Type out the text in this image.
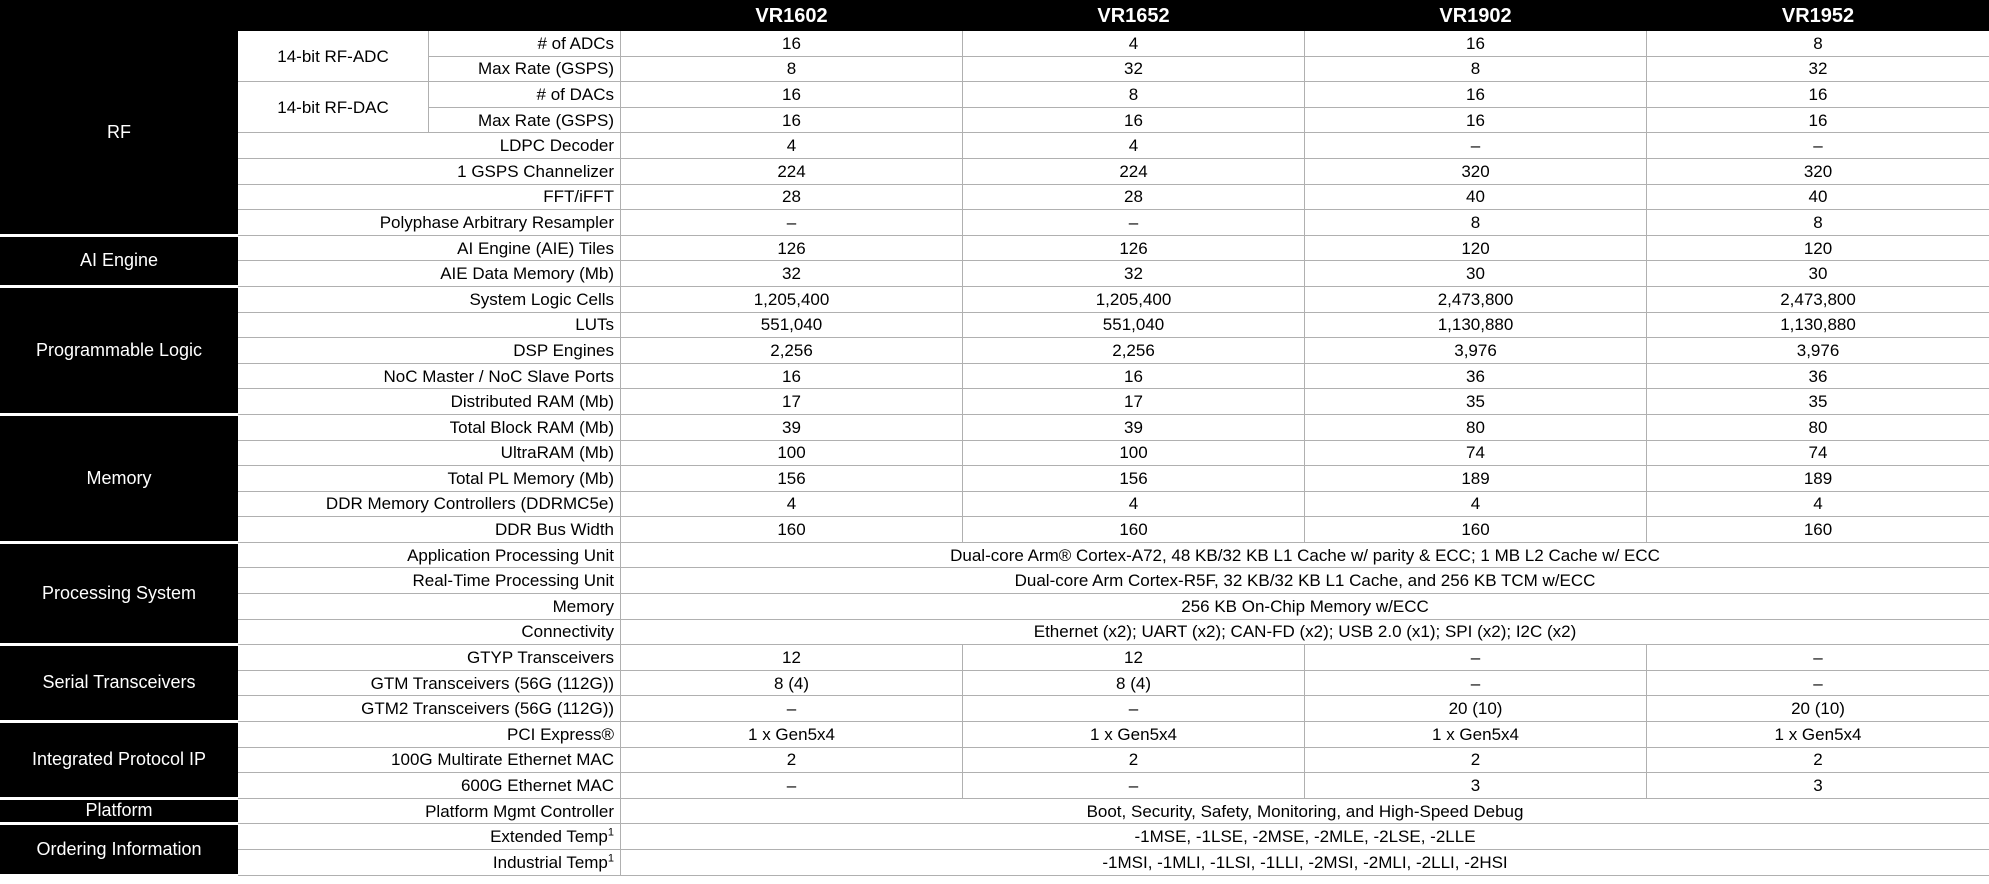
			VR1602	VR1652	VR1902	VR1952
RF	14-bit RF-ADC	# of ADCs	16	4	16	8
		Max Rate (GSPS)	8	32	8	32
	14-bit RF-DAC	# of DACs	16	8	16	16
		Max Rate (GSPS)	16	16	16	16
	LDPC Decoder		4	4	–	–
	1 GSPS Channelizer		224	224	320	320
	FFT/iFFT		28	28	40	40
	Polyphase Arbitrary Resampler		–	–	8	8
AI Engine	AI Engine (AIE) Tiles		126	126	120	120
	AIE Data Memory (Mb)		32	32	30	30
Programmable Logic	System Logic Cells		1,205,400	1,205,400	2,473,800	2,473,800
	LUTs		551,040	551,040	1,130,880	1,130,880
	DSP Engines		2,256	2,256	3,976	3,976
	NoC Master / NoC Slave Ports		16	16	36	36
	Distributed RAM (Mb)		17	17	35	35
Memory	Total Block RAM (Mb)		39	39	80	80
	UltraRAM (Mb)		100	100	74	74
	Total PL Memory (Mb)		156	156	189	189
	DDR Memory Controllers (DDRMC5e)		4	4	4	4
	DDR Bus Width		160	160	160	160
Processing System	Application Processing Unit		Dual-core Arm® Cortex-A72, 48 KB/32 KB L1 Cache w/ parity & ECC; 1 MB L2 Cache w/ ECC			
	Real-Time Processing Unit		Dual-core Arm Cortex-R5F, 32 KB/32 KB L1 Cache, and 256 KB TCM w/ECC			
	Memory		256 KB On-Chip Memory w/ECC			
	Connectivity		Ethernet (x2); UART (x2); CAN-FD (x2); USB 2.0 (x1); SPI (x2); I2C (x2)			
Serial Transceivers	GTYP Transceivers		12	12	–	–
	GTM Transceivers (56G (112G))		8 (4)	8 (4)	–	–
	GTM2 Transceivers (56G (112G))		–	–	20 (10)	20 (10)
Integrated Protocol IP	PCI Express®		1 x Gen5x4	1 x Gen5x4	1 x Gen5x4	1 x Gen5x4
	100G Multirate Ethernet MAC		2	2	2	2
	600G Ethernet MAC		–	–	3	3
Platform	Platform Mgmt Controller		Boot, Security, Safety, Monitoring, and High-Speed Debug			
Ordering Information	Extended Temp$^1$		-1MSE, -1LSE, -2MSE, -2MLE, -2LSE, -2LLE			
	Industrial Temp$^1$		-1MSI, -1MLI, -1LSI, -1LLI, -2MSI, -2MLI, -2LLI, -2HSI			
